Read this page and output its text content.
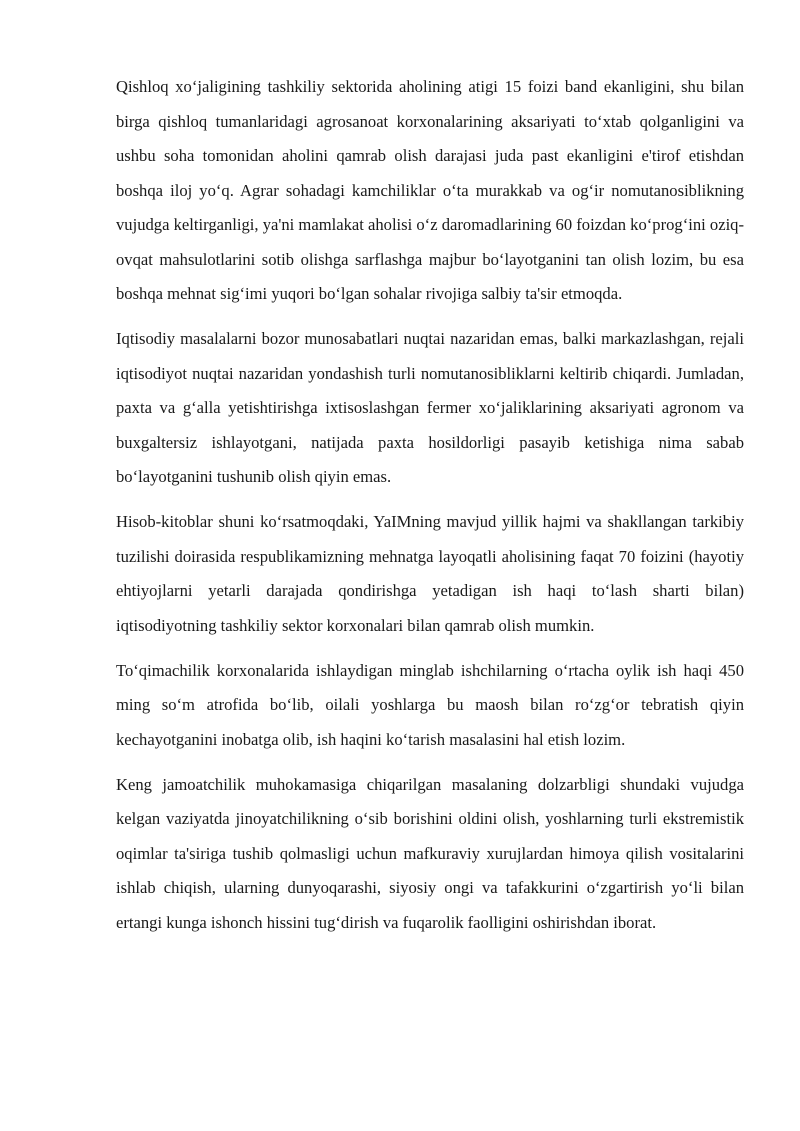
Qishloq xo‘jaligining tashkiliy sektorida aholining atigi 15 foizi band ekanligini, shu bilan birga qishloq tumanlaridagi agrosanoat korxonalarining aksariyati to‘xtab qolganligini va ushbu soha tomonidan aholini qamrab olish darajasi juda past ekanligini e'tirof etishdan boshqa iloj yo‘q. Agrar sohadagi kamchiliklar o‘ta murakkab va og‘ir nomutanosiblikning vujudga keltirganligi, ya'ni mamlakat aholisi o‘z daromadlarining 60 foizdan ko‘prog‘ini oziq-ovqat mahsulotlarini sotib olishga sarflashga majbur bo‘layotganini tan olish lozim, bu esa boshqa mehnat sig‘imi yuqori bo‘lgan sohalar rivojiga salbiy ta'sir etmoqda.

Iqtisodiy masalalarni bozor munosabatlari nuqtai nazaridan emas, balki markazlashgan, rejali iqtisodiyot nuqtai nazaridan yondashish turli nomutanosibliklarni keltirib chiqardi. Jumladan, paxta va g‘alla yetishtirishga ixtisoslashgan fermer xo‘jaliklarining aksariyati agronom va buxgaltersiz ishlayotgani, natijada paxta hosildorligi pasayib ketishiga nima sabab bo‘layotganini tushunib olish qiyin emas.

Hisob-kitoblar shuni ko‘rsatmoqdaki, YaIMning mavjud yillik hajmi va shakllangan tarkibiy tuzilishi doirasida respublikamizning mehnatga layoqatli aholisining faqat 70 foizini (hayotiy ehtiyojlarni yetarli darajada qondirishga yetadigan ish haqi to‘lash sharti bilan) iqtisodiyotning tashkiliy sektor korxonalari bilan qamrab olish mumkin.

To‘qimachilik korxonalarida ishlaydigan minglab ishchilarning o‘rtacha oylik ish haqi 450 ming so‘m atrofida bo‘lib, oilali yoshlarga bu maosh bilan ro‘zg‘or tebratish qiyin kechayotganini inobatga olib, ish haqini ko‘tarish masalasini hal etish lozim.

Keng jamoatchilik muhokamasiga chiqarilgan masalaning dolzarbligi shundaki vujudga kelgan vaziyatda jinoyatchilikning o‘sib borishini oldini olish, yoshlarning turli ekstremistik oqimlar ta'siriga tushib qolmasligi uchun mafkuraviy xurujlardan himoya qilish vositalarini ishlab chiqish, ularning dunyoqarashi, siyosiy ongi va tafakkurini o‘zgartirish yo‘li bilan ertangi kunga ishonch hissini tug‘dirish va fuqarolik faolligini oshirishdan iborat.
